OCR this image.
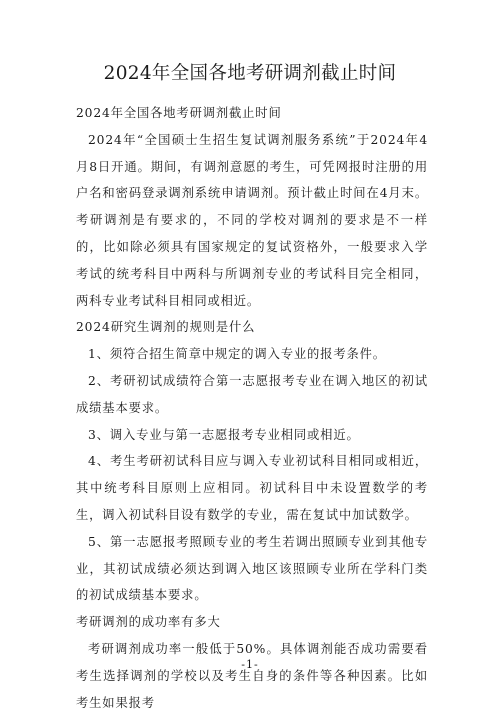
2024年全国各地考研调剂截止时间

2024年全国各地考研调剂截止时间

2024年“全国硕士生招生复试调剂服务系统”于2024年4月8日开通。期间，有调剂意愿的考生，可凭网报时注册的用户名和密码登录调剂系统申请调剂。预计截止时间在4月末。考研调剂是有要求的，不同的学校对调剂的要求是不一样的，比如除必须具有国家规定的复试资格外，一般要求入学考试的统考科目中两科与所调剂专业的考试科目完全相同，两科专业考试科目相同或相近。

2024研究生调剂的规则是什么

1、须符合招生简章中规定的调入专业的报考条件。

2、考研初试成绩符合第一志愿报考专业在调入地区的初试成绩基本要求。

3、调入专业与第一志愿报考专业相同或相近。

4、考生考研初试科目应与调入专业初试科目相同或相近，其中统考科目原则上应相同。初试科目中未设置数学的考生，调入初试科目设有数学的专业，需在复试中加试数学。

5、第一志愿报考照顾专业的考生若调出照顾专业到其他专业，其初试成绩必须达到调入地区该照顾专业所在学科门类的初试成绩基本要求。

考研调剂的成功率有多大

考研调剂成功率一般低于50%。具体调剂能否成功需要看考生选择调剂的学校以及考生自身的条件等各种因素。比如考生如果报考

-1-
